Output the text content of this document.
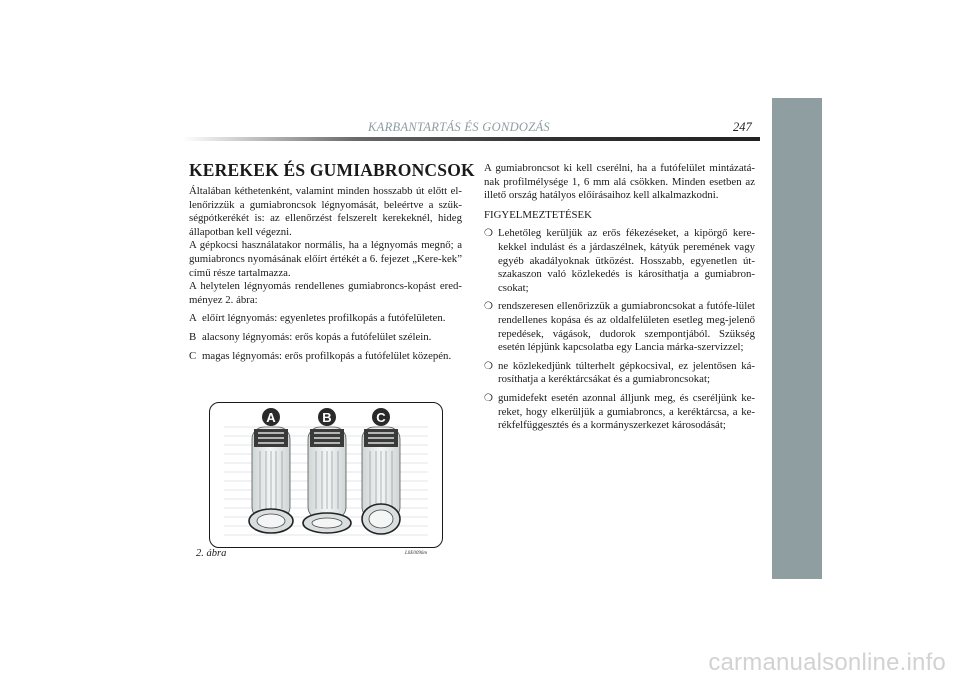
KARBANTARTÁS ÉS GONDOZÁS	247
KEREKEK ÉS GUMIABRONCSOK

Általában kéthetenként, valamint minden hosszabb út előtt el-lenőrizzük a gumiabroncsok légnyomását, beleértve a szük-ségpótkerékét is: az ellenőrzést felszerelt kerekeknél, hideg állapotban kell végezni.

A gépkocsi használatakor normális, ha a légnyomás megnő; a gumiabroncs nyomásának előírt értékét a 6. fejezet „Kere-kek” című része tartalmazza.

A helytelen légnyomás rendellenes gumiabroncs-kopást ered-ményez 2. ábra:

A előírt légnyomás: egyenletes profilkopás a futófelületen.
B alacsony légnyomás: erős kopás a futófelület szélein.
C magas légnyomás: erős profilkopás a futófelület közepén.
A	B	C
2. ábra	L0E0096m

A gumiabroncsot ki kell cserélni, ha a futófelület mintázatá-nak profilmélysége 1, 6 mm alá csökken. Minden esetben az illető ország hatályos előírásaihoz kell alkalmazkodni.

FIGYELMEZTETÉSEK

❍ Lehetőleg kerüljük az erős fékezéseket, a kipörgő kere-kekkel indulást és a járdaszélnek, kátyúk peremének vagy egyéb akadályoknak ütközést. Hosszabb, egyenetlen út-szakaszon való közlekedés is károsíthatja a gumiabron-csokat;
❍ rendszeresen ellenőrizzük a gumiabroncsokat a futófe-lület rendellenes kopása és az oldalfelületen esetleg meg-jelenő repedések, vágások, dudorok szempontjából. Szükség esetén lépjünk kapcsolatba egy Lancia márka-szervizzel;
❍ ne közlekedjünk túlterhelt gépkocsival, ez jelentősen ká-rosíthatja a keréktárcsákat és a gumiabroncsokat;
❍ gumidefekt esetén azonnal álljunk meg, és cseréljünk ke-reket, hogy elkerüljük a gumiabroncs, a keréktárcsa, a ke-rékfelfüggesztés és a kormányszerkezet károsodását;
carmanualsonline.info
